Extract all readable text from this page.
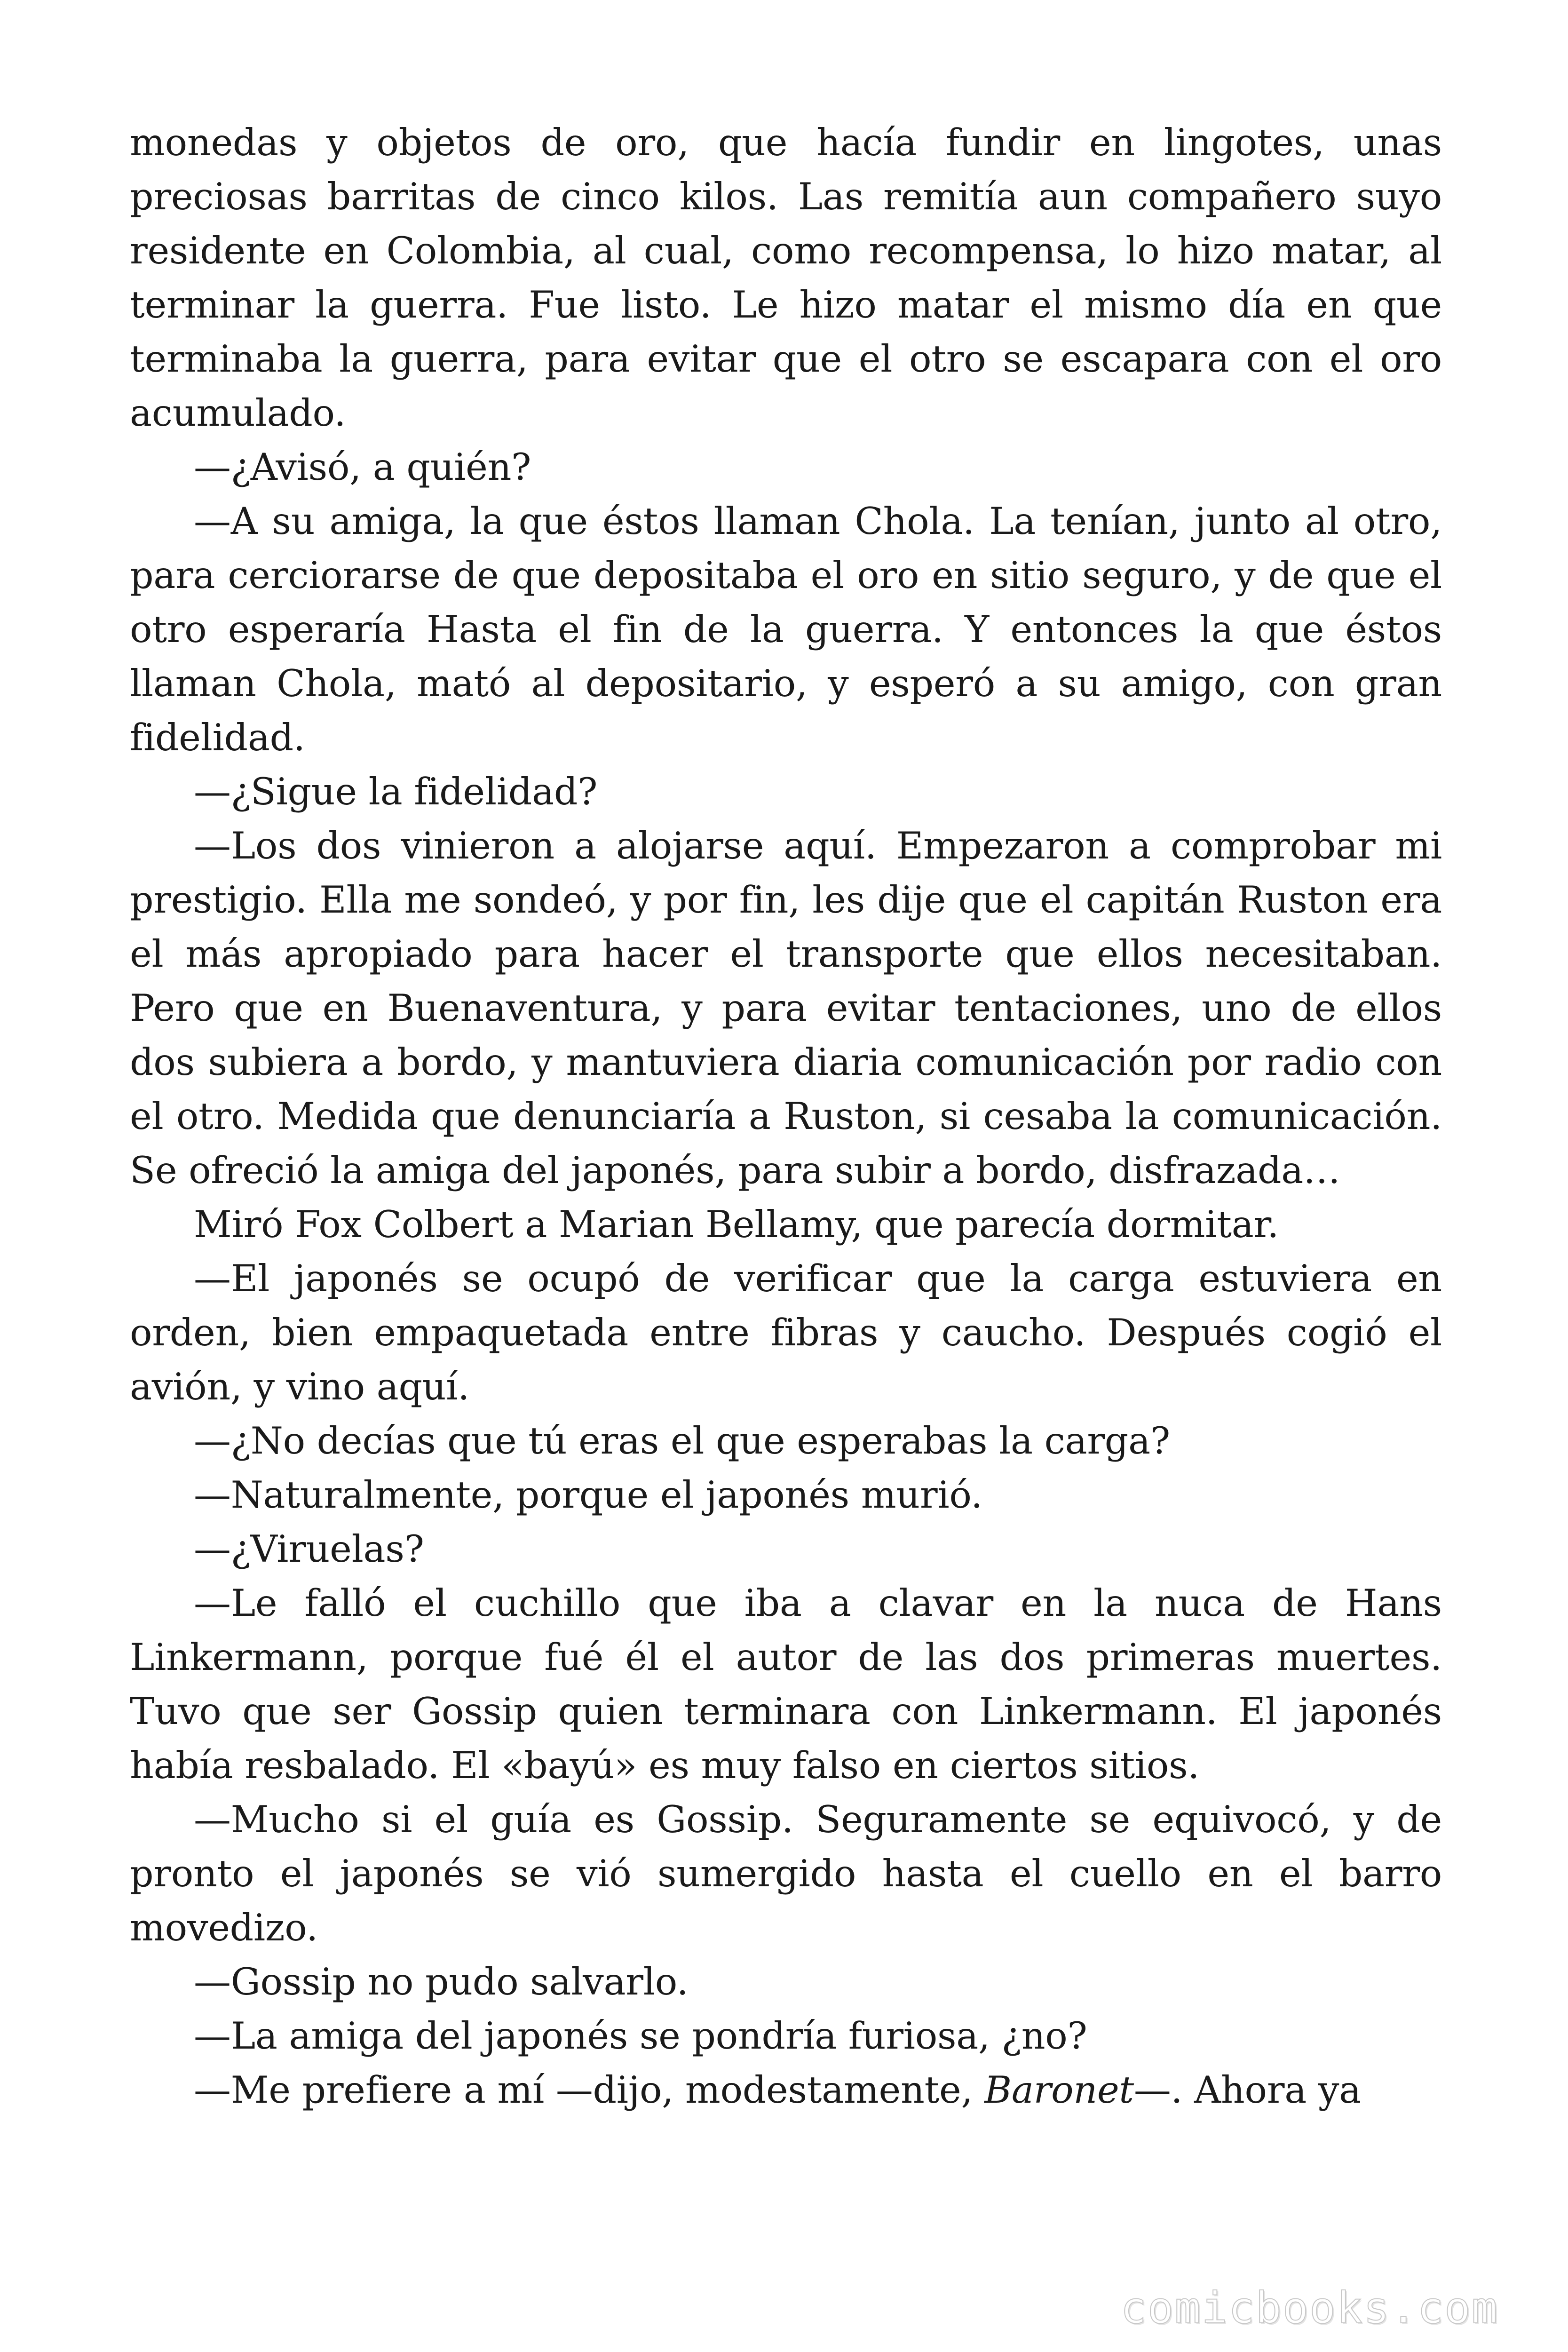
monedas y objetos de oro, que hacía fundir en lingotes, unas preciosas barritas de cinco kilos. Las remitía aun compañero suyo residente en Colombia, al cual, como recompensa, lo hizo matar, al terminar la guerra. Fue listo. Le hizo matar el mismo día en que terminaba la guerra, para evitar que el otro se escapara con el oro acumulado.

—¿Avisó, a quién?

—A su amiga, la que éstos llaman Chola. La tenían, junto al otro, para cerciorarse de que depositaba el oro en sitio seguro, y de que el otro esperaría Hasta el fin de la guerra. Y entonces la que éstos llaman Chola, mató al depositario, y esperó a su amigo, con gran fidelidad.

—¿Sigue la fidelidad?

—Los dos vinieron a alojarse aquí. Empezaron a comprobar mi prestigio. Ella me sondeó, y por fin, les dije que el capitán Ruston era el más apropiado para hacer el transporte que ellos necesitaban. Pero que en Buenaventura, y para evitar tentaciones, uno de ellos dos subiera a bordo, y mantuviera diaria comunicación por radio con el otro. Medida que denunciaría a Ruston, si cesaba la comunicación. Se ofreció la amiga del japonés, para subir a bordo, disfrazada…

Miró Fox Colbert a Marian Bellamy, que parecía dormitar.

—El japonés se ocupó de verificar que la carga estuviera en orden, bien empaquetada entre fibras y caucho. Después cogió el avión, y vino aquí.

—¿No decías que tú eras el que esperabas la carga?

—Naturalmente, porque el japonés murió.

—¿Viruelas?

—Le falló el cuchillo que iba a clavar en la nuca de Hans Linkermann, porque fué él el autor de las dos primeras muertes. Tuvo que ser Gossip quien terminara con Linkermann. El japonés había resbalado. El «bayú» es muy falso en ciertos sitios.

—Mucho si el guía es Gossip. Seguramente se equivocó, y de pronto el japonés se vió sumergido hasta el cuello en el barro movedizo.

—Gossip no pudo salvarlo.

—La amiga del japonés se pondría furiosa, ¿no?

—Me prefiere a mí —dijo, modestamente, Baronet—. Ahora ya

comicbooks.com
